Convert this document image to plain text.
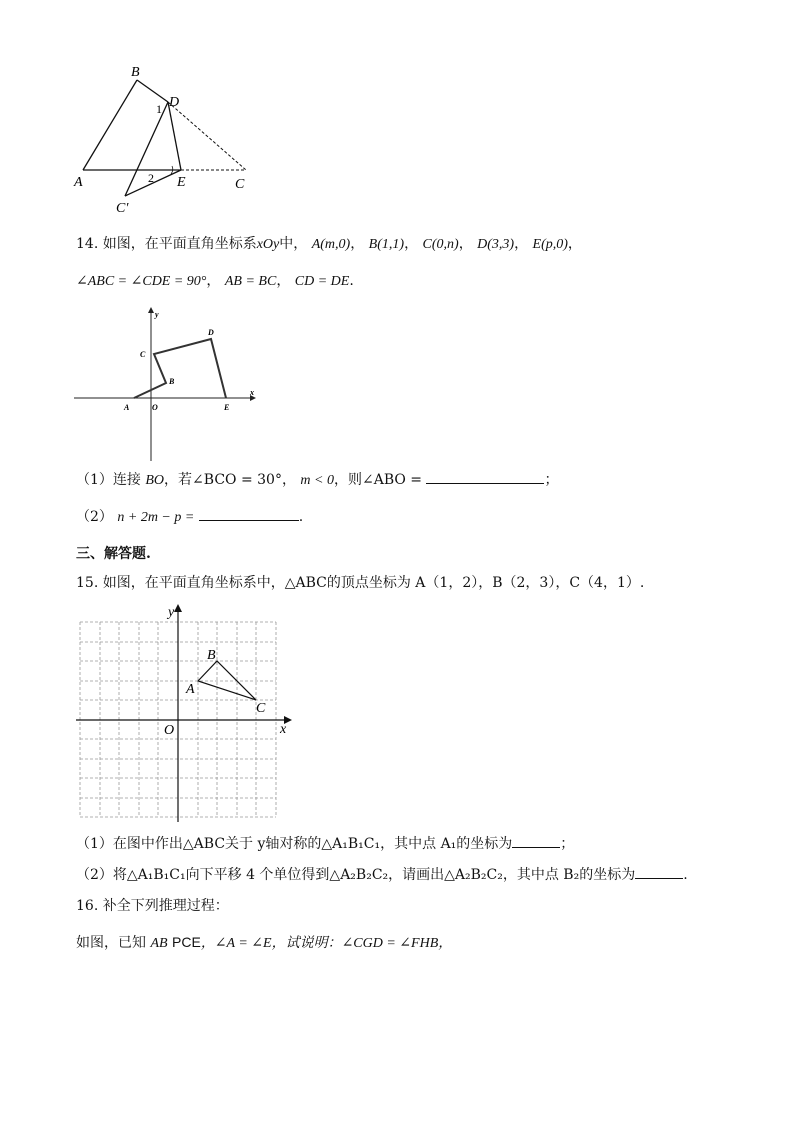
A
B
C
D
E
C′
1
2
14. 如图，在平面直角坐标系xOy中， A(m,0)， B(1,1)， C(0,n)， D(3,3)， E(p,0)，
∠ABC = ∠CDE = 90°， AB = BC， CD = DE.
y
x
O
A
B
C
D
E
（1）连接 BO，若∠BCO = 30°， m < 0，则∠ABO =	；
（2） n + 2m − p =	.
三、解答题.
15. 如图，在平面直角坐标系中，△ABC的顶点坐标为 A（1，2），B（2，3），C（4，1）.
y
x
O
A
B
C
（1）在图中作出△ABC关于 y轴对称的△A₁B₁C₁，其中点 A₁的坐标为	；
（2）将△A₁B₁C₁向下平移 4 个单位得到△A₂B₂C₂，请画出△A₂B₂C₂，其中点 B₂的坐标为	.
16. 补全下列推理过程：
如图，已知 AB PCE，∠A = ∠E，试说明：∠CGD = ∠FHB，
